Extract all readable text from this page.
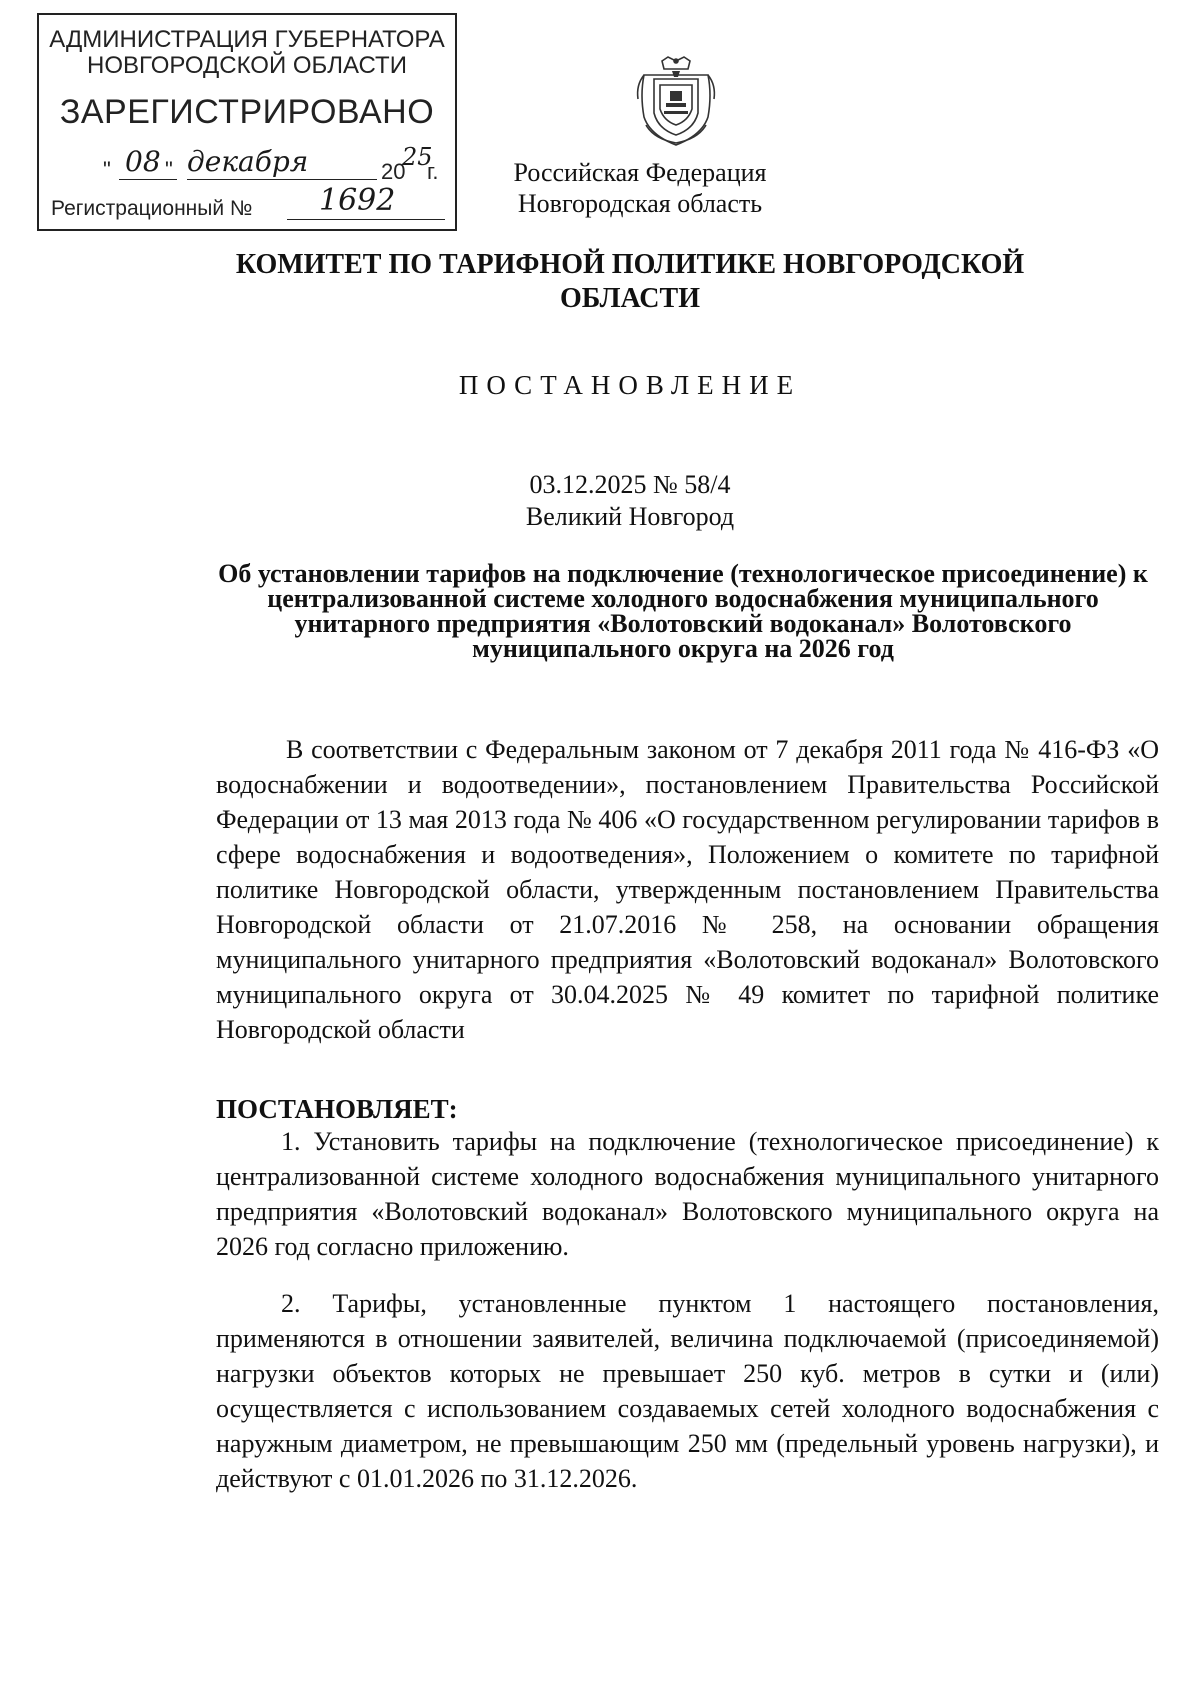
АДМИНИСТРАЦИЯ ГУБЕРНАТОРА
НОВГОРОДСКОЙ ОБЛАСТИ
ЗАРЕГИСТРИРОВАНО
" 08 " декабря	20
25
г.
Регистрационный № 1692
Российская Федерация
Новгородская область
КОМИТЕТ ПО ТАРИФНОЙ ПОЛИТИКЕ НОВГОРОДСКОЙ ОБЛАСТИ
ПОСТАНОВЛЕНИЕ
03.12.2025 № 58/4
Великий Новгород
Об установлении тарифов на подключение (технологическое присоединение) к централизованной системе холодного водоснабжения муниципального унитарного предприятия «Волотовский водоканал» Волотовского муниципального округа на 2026 год
В соответствии с Федеральным законом от 7 декабря 2011 года № 416-ФЗ «О водоснабжении и водоотведении», постановлением Правительства Российской Федерации от 13 мая 2013 года № 406 «О государственном регулировании тарифов в сфере водоснабжения и водоотведения», Положением о комитете по тарифной политике Новгородской области, утвержденным постановлением Правительства Новгородской области от 21.07.2016 № 258, на основании обращения муниципального унитарного предприятия «Волотовский водоканал» Волотовского муниципального округа от 30.04.2025 № 49 комитет по тарифной политике Новгородской области
ПОСТАНОВЛЯЕТ:
1. Установить тарифы на подключение (технологическое присоединение) к централизованной системе холодного водоснабжения муниципального унитарного предприятия «Волотовский водоканал» Волотовского муниципального округа на 2026 год согласно приложению.
2. Тарифы, установленные пунктом 1 настоящего постановления, применяются в отношении заявителей, величина подключаемой (присоединяемой) нагрузки объектов которых не превышает 250 куб. метров в сутки и (или) осуществляется с использованием создаваемых сетей холодного водоснабжения с наружным диаметром, не превышающим 250 мм (предельный уровень нагрузки), и действуют с 01.01.2026 по 31.12.2026.
